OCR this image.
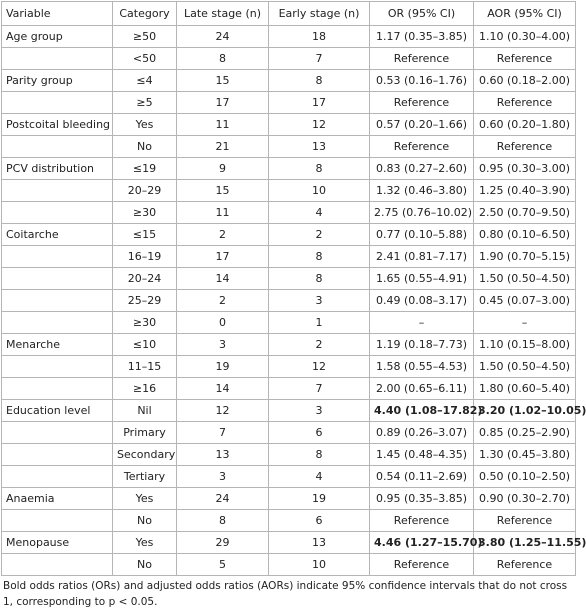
Variable	Category	Late stage (n)	Early stage (n)	OR (95% CI)	AOR (95% CI)
Age group	≥50	24	18	1.17 (0.35–3.85)	1.10 (0.30–4.00)
	<50	8	7	Reference	Reference
Parity group	≤4	15	8	0.53 (0.16–1.76)	0.60 (0.18–2.00)
	≥5	17	17	Reference	Reference
Postcoital bleeding	Yes	11	12	0.57 (0.20–1.66)	0.60 (0.20–1.80)
	No	21	13	Reference	Reference
PCV distribution	≤19	9	8	0.83 (0.27–2.60)	0.95 (0.30–3.00)
	20–29	15	10	1.32 (0.46–3.80)	1.25 (0.40–3.90)
	≥30	11	4	2.75 (0.76–10.02)	2.50 (0.70–9.50)
Coitarche	≤15	2	2	0.77 (0.10–5.88)	0.80 (0.10–6.50)
	16–19	17	8	2.41 (0.81–7.17)	1.90 (0.70–5.15)
	20–24	14	8	1.65 (0.55–4.91)	1.50 (0.50–4.50)
	25–29	2	3	0.49 (0.08–3.17)	0.45 (0.07–3.00)
	≥30	0	1	–	–
Menarche	≤10	3	2	1.19 (0.18–7.73)	1.10 (0.15–8.00)
	11–15	19	12	1.58 (0.55–4.53)	1.50 (0.50–4.50)
	≥16	14	7	2.00 (0.65–6.11)	1.80 (0.60–5.40)
Education level	Nil	12	3	4.40 (1.08–17.82)	3.20 (1.02–10.05)
	Primary	7	6	0.89 (0.26–3.07)	0.85 (0.25–2.90)
	Secondary	13	8	1.45 (0.48–4.35)	1.30 (0.45–3.80)
	Tertiary	3	4	0.54 (0.11–2.69)	0.50 (0.10–2.50)
Anaemia	Yes	24	19	0.95 (0.35–3.85)	0.90 (0.30–2.70)
	No	8	6	Reference	Reference
Menopause	Yes	29	13	4.46 (1.27–15.70)	3.80 (1.25–11.55)
	No	5	10	Reference	Reference
Bold odds ratios (ORs) and adjusted odds ratios (AORs) indicate 95% confidence intervals that do not cross 1, corresponding to p < 0.05.
